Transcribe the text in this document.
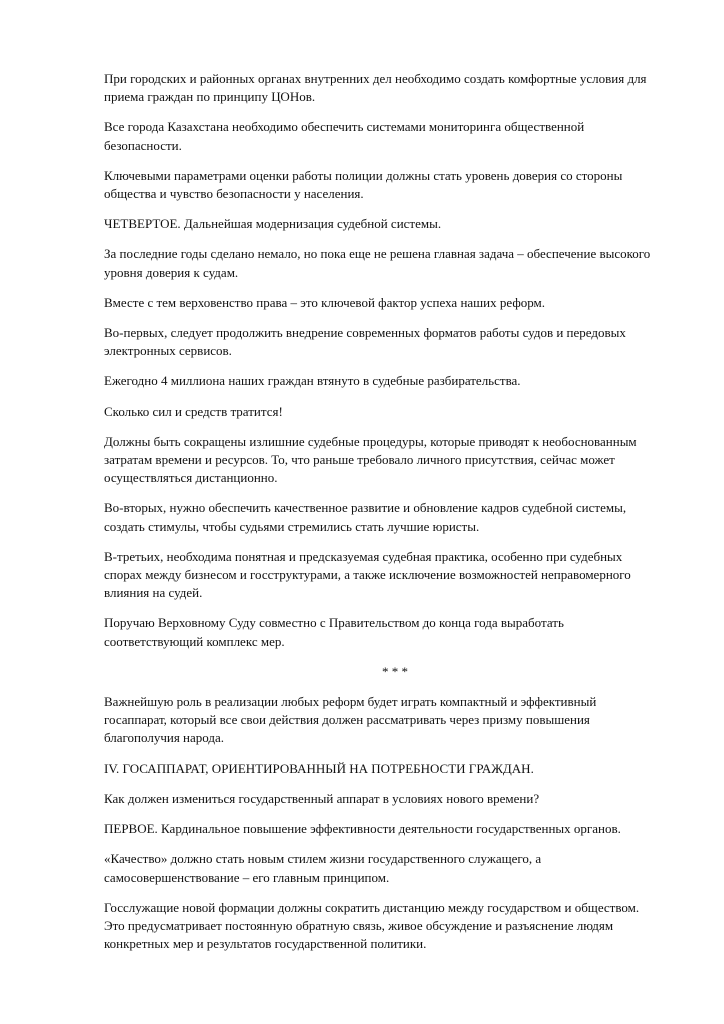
При городских и районных органах внутренних дел необходимо создать комфортные условия для
приема граждан по принципу ЦОНов.

Все города Казахстана необходимо обеспечить системами мониторинга общественной
безопасности.

Ключевыми параметрами оценки работы полиции должны стать уровень доверия со стороны
общества и чувство безопасности у населения.

ЧЕТВЕРТОЕ. Дальнейшая модернизация судебной системы.

За последние годы сделано немало, но пока еще не решена главная задача – обеспечение высокого
уровня доверия к судам.

Вместе с тем верховенство права – это ключевой фактор успеха наших реформ.

Во-первых, следует продолжить внедрение современных форматов работы судов и передовых
электронных сервисов.

Ежегодно 4 миллиона наших граждан втянуто в судебные разбирательства.

Сколько сил и средств тратится!

Должны быть сокращены излишние судебные процедуры, которые приводят к необоснованным
затратам времени и ресурсов. То, что раньше требовало личного присутствия, сейчас может
осуществляться дистанционно.

Во-вторых, нужно обеспечить качественное развитие и обновление кадров судебной системы,
создать стимулы, чтобы судьями стремились стать лучшие юристы.

В-третьих, необходима понятная и предсказуемая судебная практика, особенно при судебных
спорах между бизнесом и госструктурами, а также исключение возможностей неправомерного
влияния на судей.

Поручаю Верховному Суду совместно с Правительством до конца года выработать
соответствующий комплекс мер.

* * *

Важнейшую роль в реализации любых реформ будет играть компактный и эффективный
госаппарат, который все свои действия должен рассматривать через призму повышения
благополучия народа.

IV. ГОСАППАРАТ, ОРИЕНТИРОВАННЫЙ НА ПОТРЕБНОСТИ ГРАЖДАН.

Как должен измениться государственный аппарат в условиях нового времени?

ПЕРВОЕ. Кардинальное повышение эффективности деятельности государственных органов.

«Качество» должно стать новым стилем жизни государственного служащего, а
самосовершенствование – его главным принципом.

Госслужащие новой формации должны сократить дистанцию между государством и обществом.
Это предусматривает постоянную обратную связь, живое обсуждение и разъяснение людям
конкретных мер и результатов государственной политики.
